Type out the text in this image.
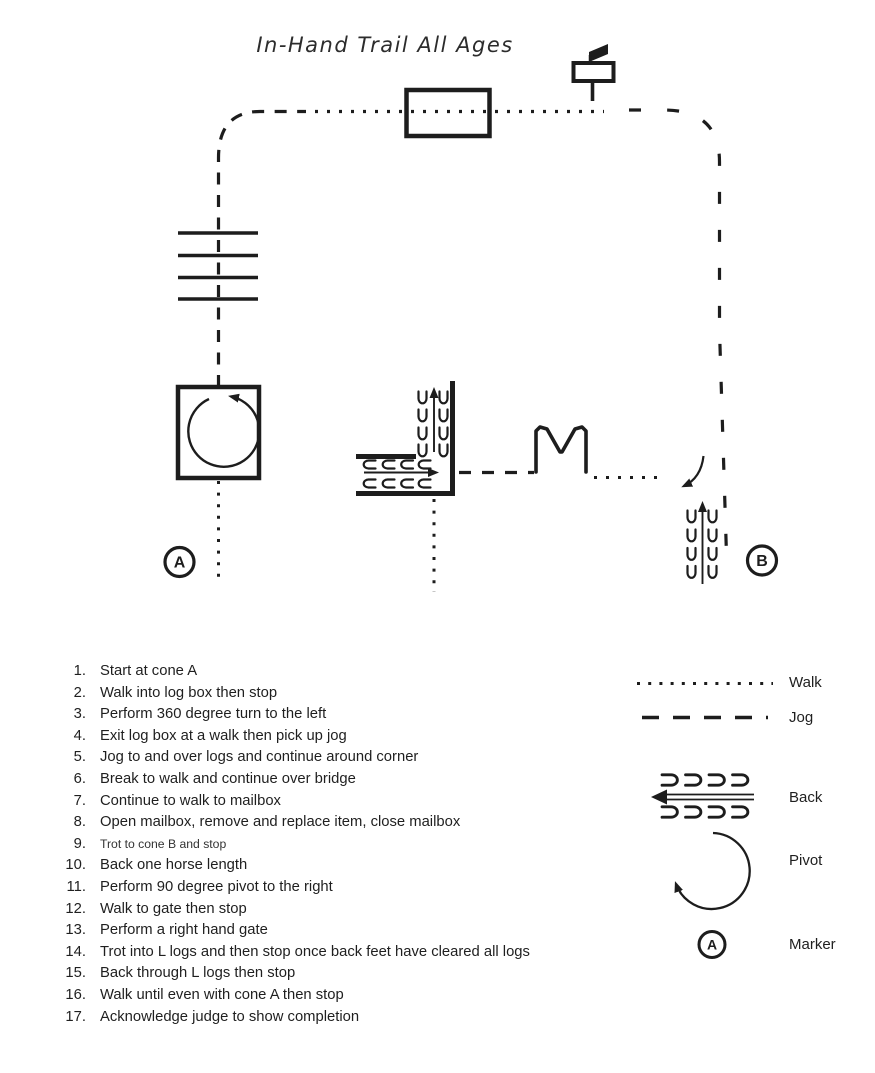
A	B
A
In-Hand Trail All Ages
1. Start at cone A
2. Walk into log box then stop
3. Perform 360 degree turn to the left
4. Exit log box at a walk then pick up jog
5. Jog to and over logs and continue around corner
6. Break to walk and continue over bridge
7. Continue to walk to mailbox
8. Open mailbox, remove and replace item, close mailbox
9. Trot to cone B and stop
10. Back one horse length
11. Perform 90 degree pivot to the right
12. Walk to gate then stop
13. Perform a right hand gate
14. Trot into L logs and then stop once back feet have cleared all logs
15. Back through L logs then stop
16. Walk until even with cone A then stop
17. Acknowledge judge to show completion
Walk
Jog
Back
Pivot
Marker
